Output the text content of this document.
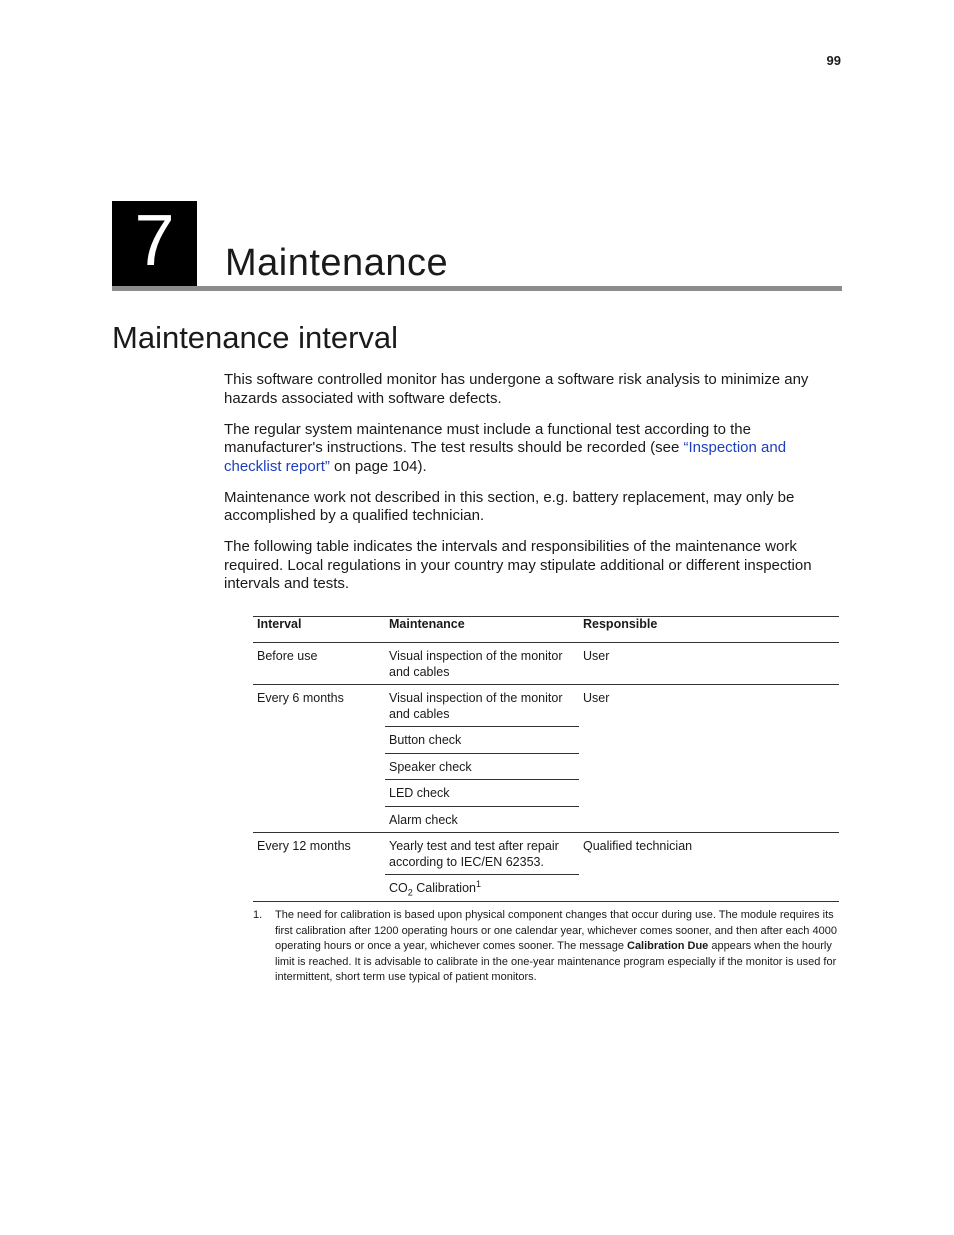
99
7	Maintenance
Maintenance interval

This software controlled monitor has undergone a software risk analysis to minimize any hazards associated with software defects.

The regular system maintenance must include a functional test according to the manufacturer's instructions. The test results should be recorded (see “Inspection and checklist report” on page 104).

Maintenance work not described in this section, e.g. battery replacement, may only be accomplished by a qualified technician.

The following table indicates the intervals and responsibilities of the maintenance work required. Local regulations in your country may stipulate additional or different inspection intervals and tests.

Interval	Maintenance	Responsible
Before use	Visual inspection of the monitor and cables	User
Every 6 months	Visual inspection of the monitor and cables	User
	Button check	
	Speaker check	
	LED check	
	Alarm check	
Every 12 months	Yearly test and test after repair according to IEC/EN 62353.	Qualified technician
	$CO_2$ Calibration$^1$
1.	The need for calibration is based upon physical component changes that occur during use. The module requires its first calibration after 1200 operating hours or one calendar year, whichever comes sooner, and then after each 4000 operating hours or once a year, whichever comes sooner. The message Calibration Due appears when the hourly limit is reached. It is advisable to calibrate in the one-year maintenance program especially if the monitor is used for intermittent, short term use typical of patient monitors.
